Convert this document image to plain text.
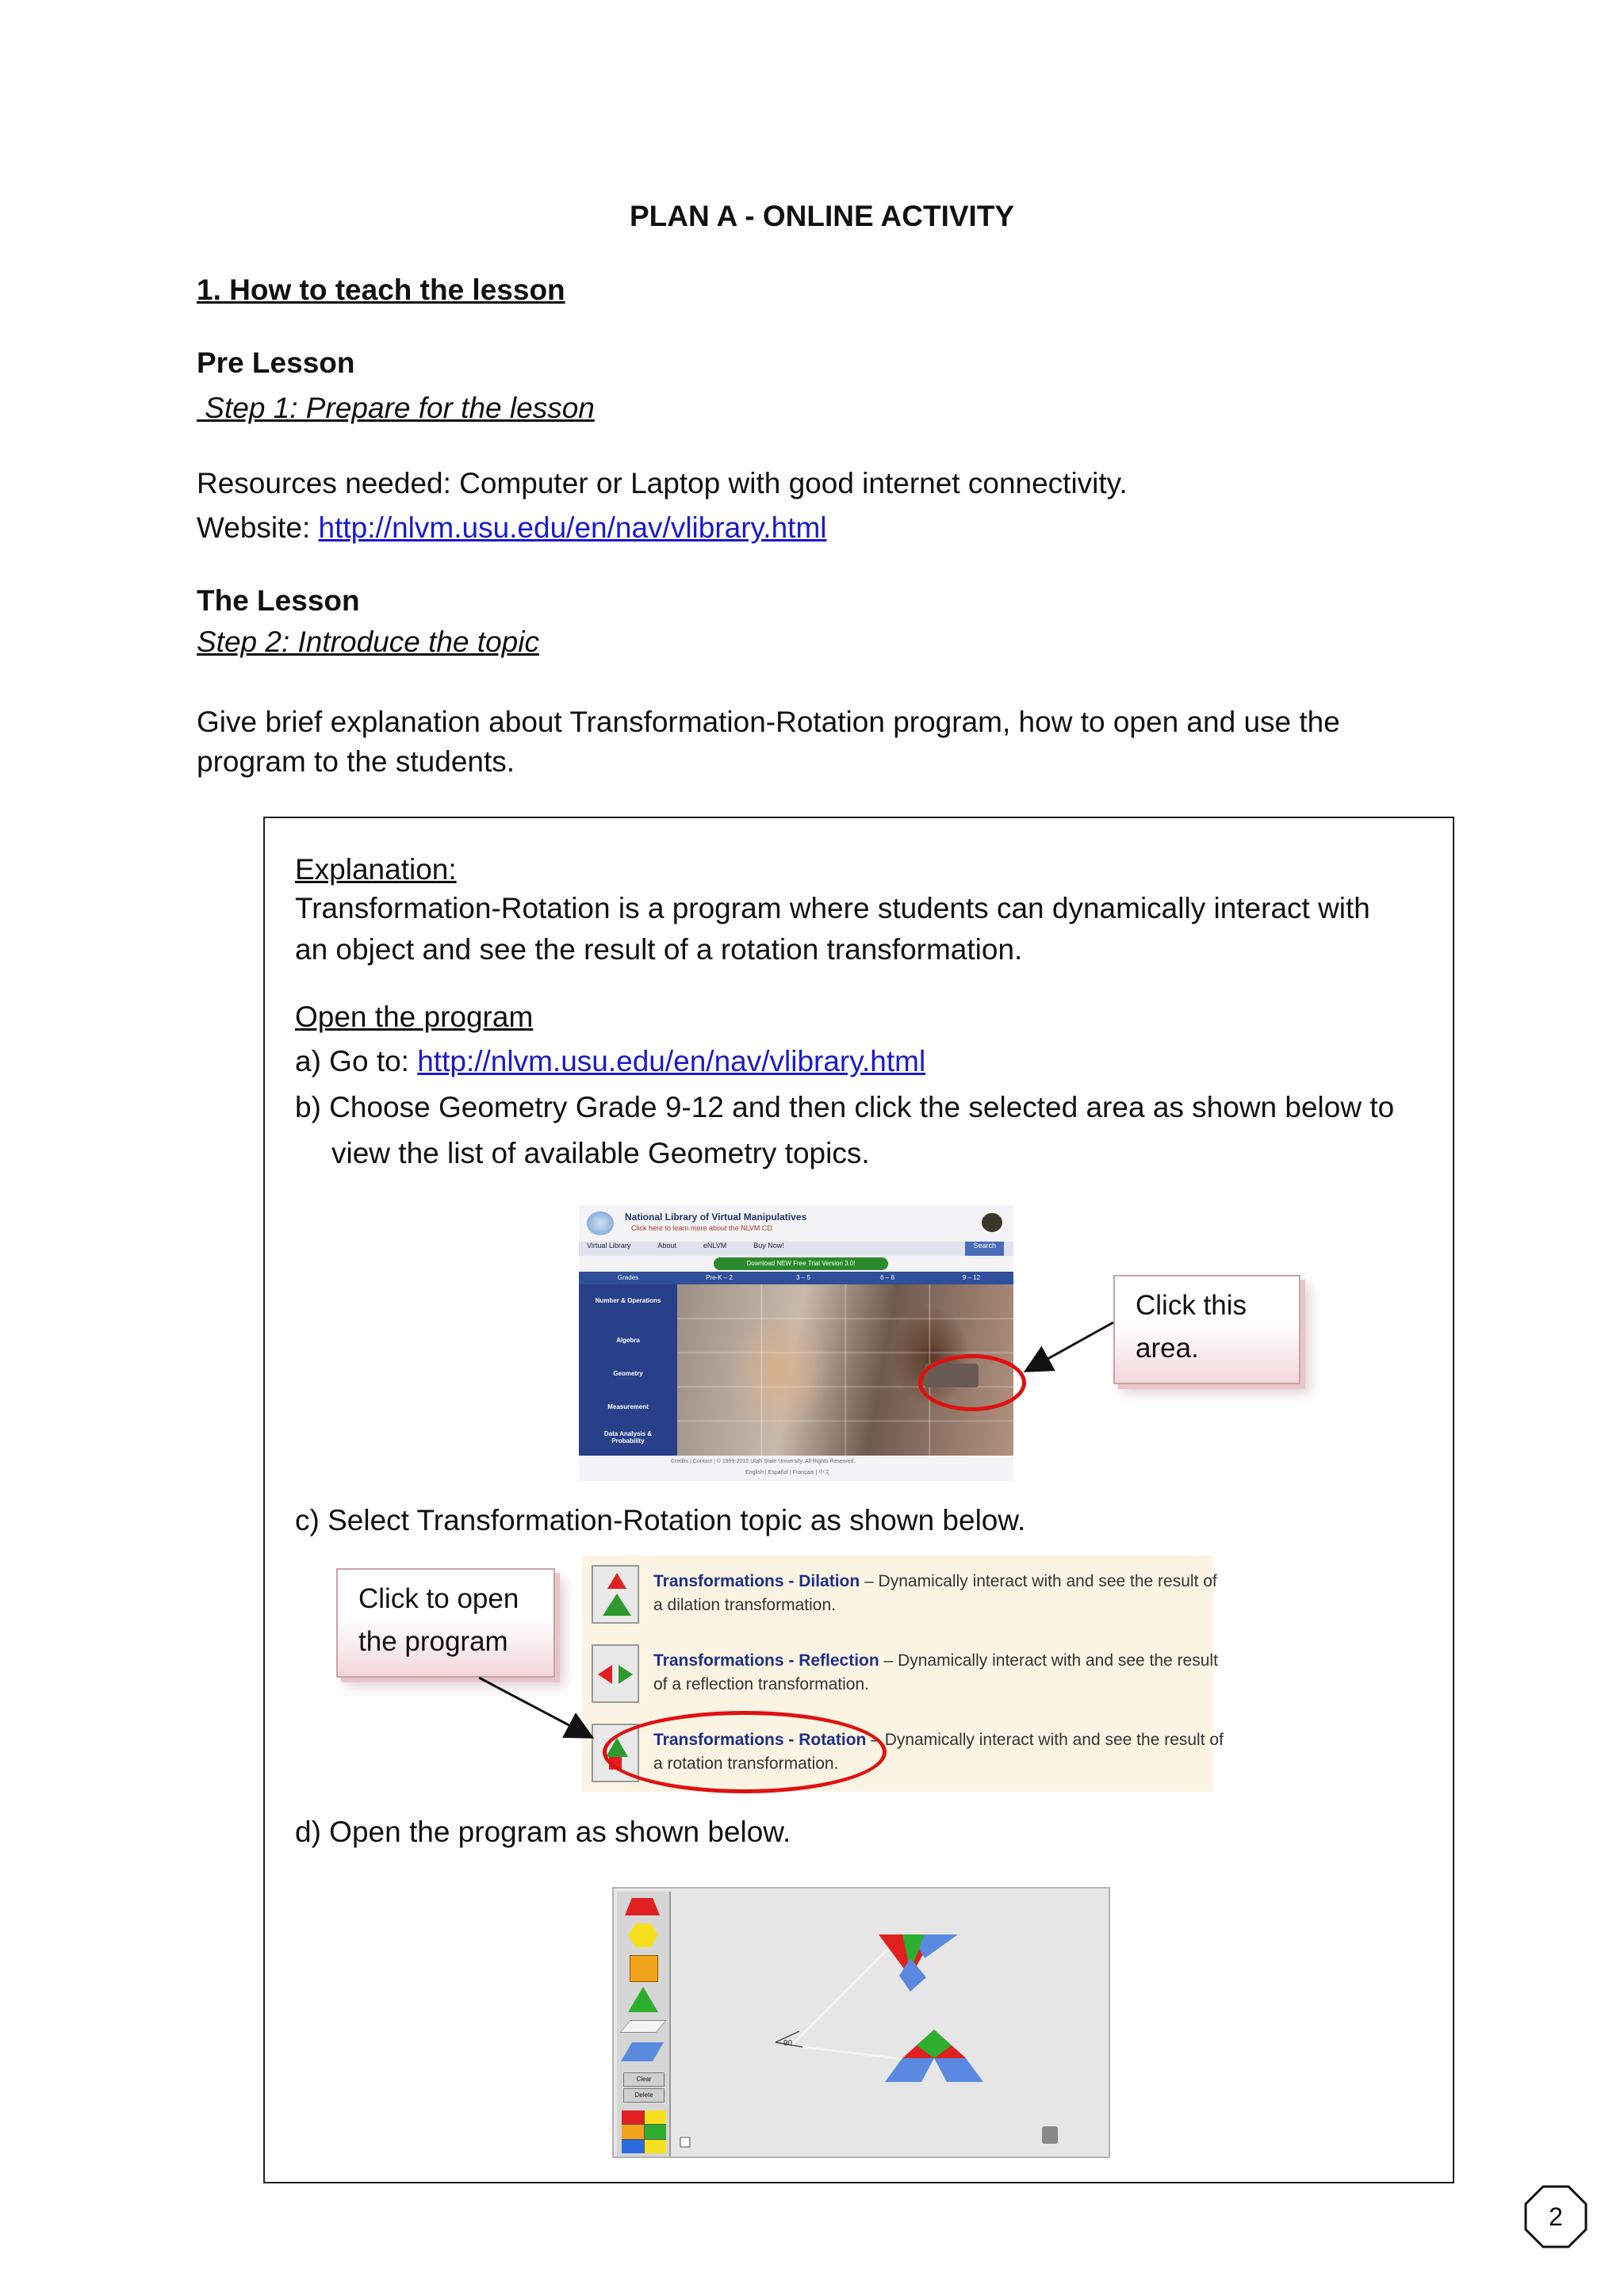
PLAN A - ONLINE ACTIVITY
1. How to teach the lesson
Pre Lesson
Step 1: Prepare for the lesson
Resources needed: Computer or Laptop with good internet connectivity.
Website: http://nlvm.usu.edu/en/nav/vlibrary.html
The Lesson
Step 2: Introduce the topic
Give brief explanation about Transformation-Rotation program, how to open and use the
program to the students.
Explanation:
Transformation-Rotation is a program where students can dynamically interact with
an object and see the result of a rotation transformation.
Open the program
a) Go to: http://nlvm.usu.edu/en/nav/vlibrary.html
b) Choose Geometry Grade 9-12 and then click the selected area as shown below to
view the list of available Geometry topics.
National Library of Virtual Manipulatives
Click here to learn more about the NLVM CD
Virtual Library	About	eNLVM	Buy Now!	Search
Download NEW Free Trial Version 3.0!
Grades	Pre-K – 2	3 – 5	6 – 8	9 – 12
Number & Operations
Algebra
Geometry
Measurement
Data Analysis & Probability
Credits | Contact | © 1999-2010 Utah State University. All Rights Reserved.
English | Español | Français | 中文
Click this
area.
c) Select Transformation-Rotation topic as shown below.
Transformations - Dilation – Dynamically interact with and see the result of
a dilation transformation.
Transformations - Reflection – Dynamically interact with and see the result
of a reflection transformation.
Transformations - Rotation – Dynamically interact with and see the result of
a rotation transformation.
Click to open
the program
d) Open the program as shown below.
Clear
Delete
90
2
